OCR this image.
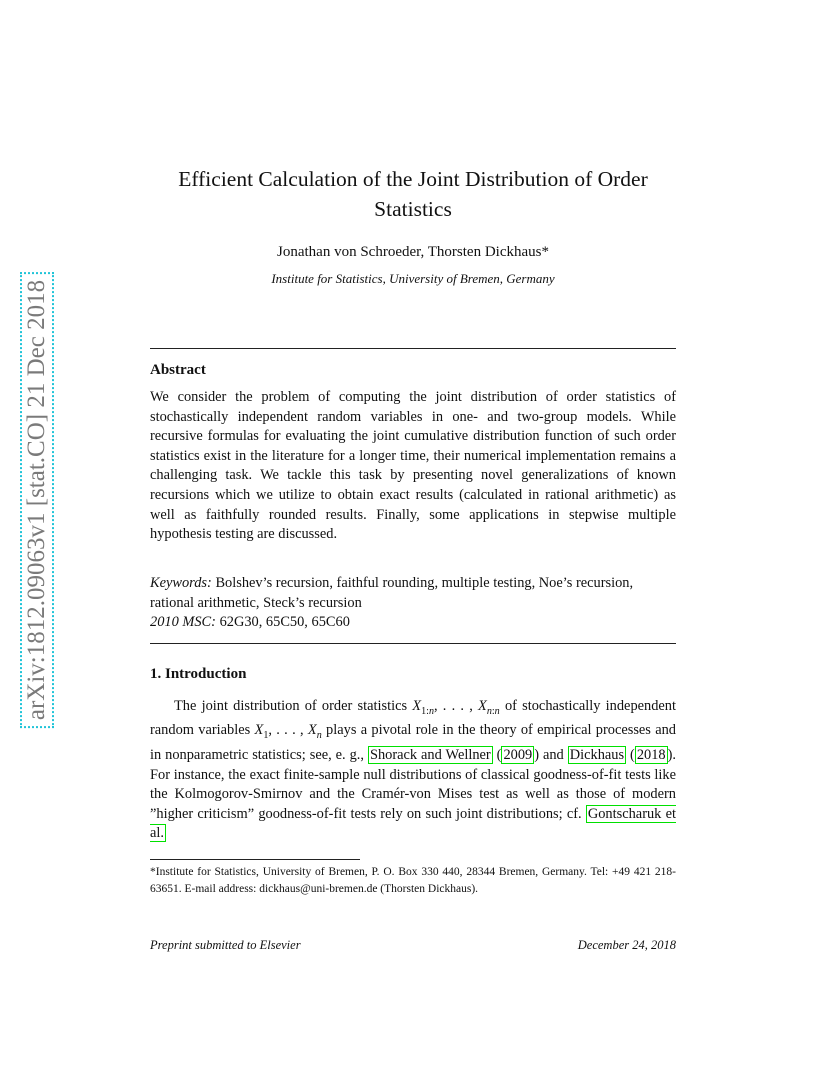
arXiv:1812.09063v1 [stat.CO] 21 Dec 2018
Efficient Calculation of the Joint Distribution of Order Statistics
Jonathan von Schroeder, Thorsten Dickhaus*
Institute for Statistics, University of Bremen, Germany
Abstract
We consider the problem of computing the joint distribution of order statistics of stochastically independent random variables in one- and two-group models. While recursive formulas for evaluating the joint cumulative distribution function of such order statistics exist in the literature for a longer time, their numerical implementation remains a challenging task. We tackle this task by presenting novel generalizations of known recursions which we utilize to obtain exact results (calculated in rational arithmetic) as well as faithfully rounded results. Finally, some applications in stepwise multiple hypothesis testing are discussed.
Keywords: Bolshev’s recursion, faithful rounding, multiple testing, Noe’s recursion, rational arithmetic, Steck’s recursion
2010 MSC: 62G30, 65C50, 65C60
1. Introduction
The joint distribution of order statistics $X_{1:n}$, . . . , $X_{n:n}$ of stochastically independent random variables $X_1$, . . . , $X_n$ plays a pivotal role in the theory of empirical processes and in nonparametric statistics; see, e. g., Shorack and Wellner ( 2009 ) and Dickhaus ( 2018 ). For instance, the exact finite-sample null distributions of classical goodness-of-fit tests like the Kolmogorov-Smirnov and the Cramér-von Mises test as well as those of modern ”higher criticism” goodness-of-fit tests rely on such joint distributions; cf. Gontscharuk et al.
*Institute for Statistics, University of Bremen, P. O. Box 330 440, 28344 Bremen, Germany. Tel: +49 421 218-63651. E-mail address: dickhaus@uni-bremen.de (Thorsten Dickhaus).
Preprint submitted to Elsevier	December 24, 2018
